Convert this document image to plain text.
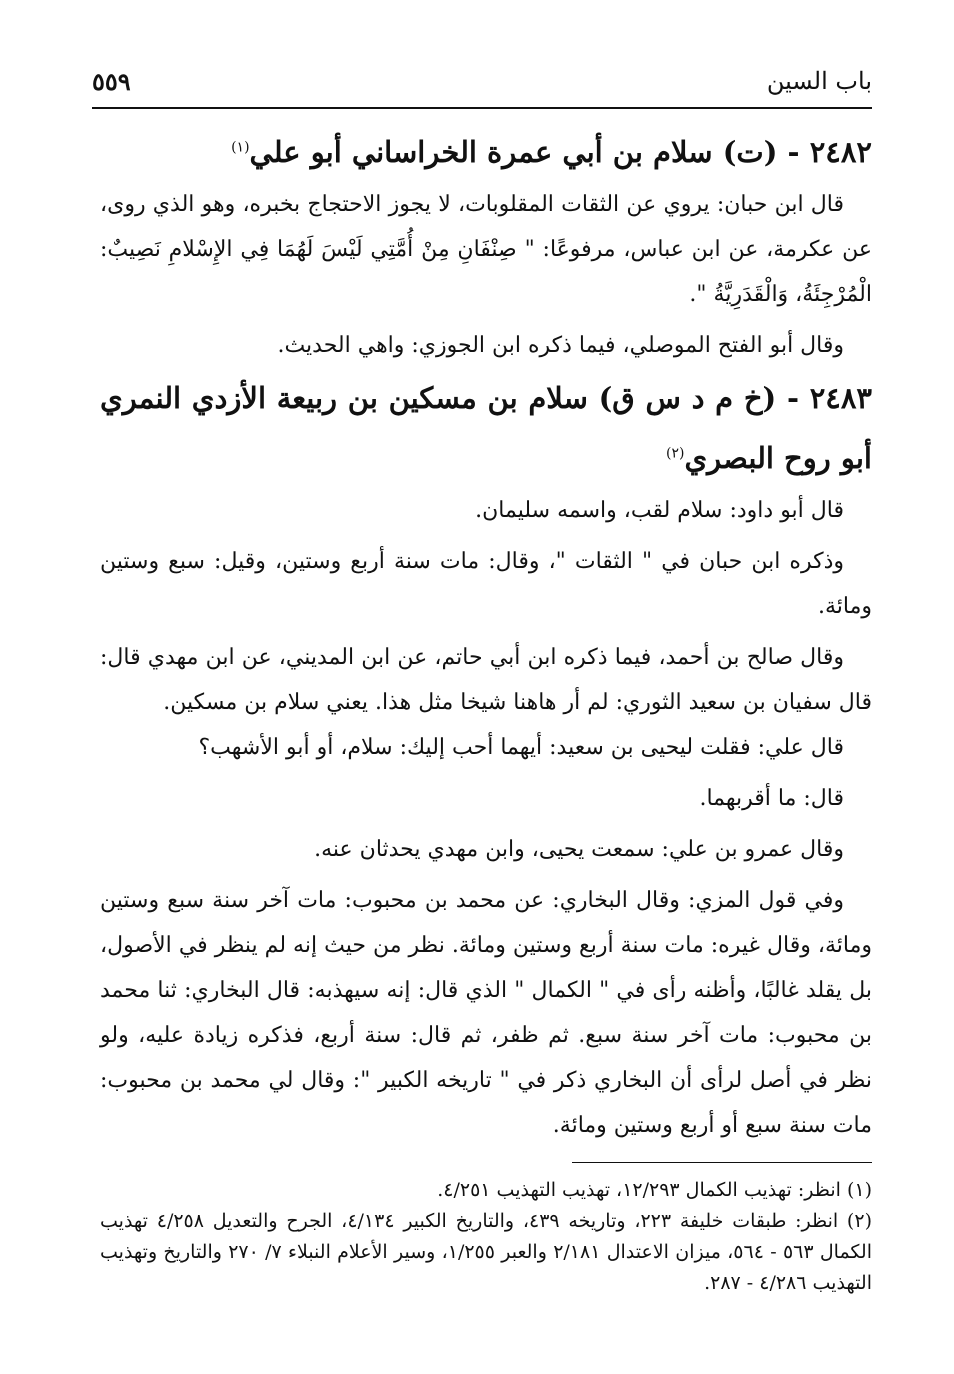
باب السين
٥٥٩

٢٤٨٢ - (ت) سلام بن أبي عمرة الخراساني أبو علي$^{(١)}$

قال ابن حبان: يروي عن الثقات المقلوبات، لا يجوز الاحتجاج بخبره، وهو الذي روى، عن عكرمة، عن ابن عباس، مرفوعًا: " صِنْفَانِ مِنْ أُمَّتِي لَيْسَ لَهُمَا فِي الإِسْلامِ نَصِيبٌ: الْمُرْجِئَةُ، وَالْقَدَرِيَّةُ ".

وقال أبو الفتح الموصلي، فيما ذكره ابن الجوزي: واهي الحديث.

٢٤٨٣ - (خ م د س ق) سلام بن مسكين بن ربيعة الأزدي النمري أبو روح البصري$^{(٢)}$

قال أبو داود: سلام لقب، واسمه سليمان.

وذكره ابن حبان في " الثقات "، وقال: مات سنة أربع وستين، وقيل: سبع وستين ومائة.

وقال صالح بن أحمد، فيما ذكره ابن أبي حاتم، عن ابن المديني، عن ابن مهدي قال: قال سفيان بن سعيد الثوري: لم أر هاهنا شيخا مثل هذا. يعني سلام بن مسكين.

قال علي: فقلت ليحيى بن سعيد: أيهما أحب إليك: سلام، أو أبو الأشهب؟

قال: ما أقربهما.

وقال عمرو بن علي: سمعت يحيى، وابن مهدي يحدثان عنه.

وفي قول المزي: وقال البخاري: عن محمد بن محبوب: مات آخر سنة سبع وستين ومائة، وقال غيره: مات سنة أربع وستين ومائة. نظر من حيث إنه لم ينظر في الأصول، بل يقلد غالبًا، وأظنه رأى في " الكمال " الذي قال: إنه سيهذبه: قال البخاري: ثنا محمد بن محبوب: مات آخر سنة سبع. ثم ظفر، ثم قال: سنة أربع، فذكره زيادة عليه، ولو نظر في أصل لرأى أن البخاري ذكر في " تاريخه الكبير ": وقال لي محمد بن محبوب: مات سنة سبع أو أربع وستين ومائة.

(١) انظر: تهذيب الكمال ١٢/٢٩٣، تهذيب التهذيب ٤/٢٥١.

(٢) انظر: طبقات خليفة ٢٢٣، وتاريخه ٤٣٩، والتاريخ الكبير ٤/١٣٤، الجرح والتعديل ٤/٢٥٨ تهذيب الكمال ٥٦٣ - ٥٦٤، ميزان الاعتدال ٢/١٨١ والعبر ١/٢٥٥، وسير الأعلام النبلاء ٧/ ٢٧٠ والتاريخ وتهذيب التهذيب ٤/٢٨٦ - ٢٨٧.
